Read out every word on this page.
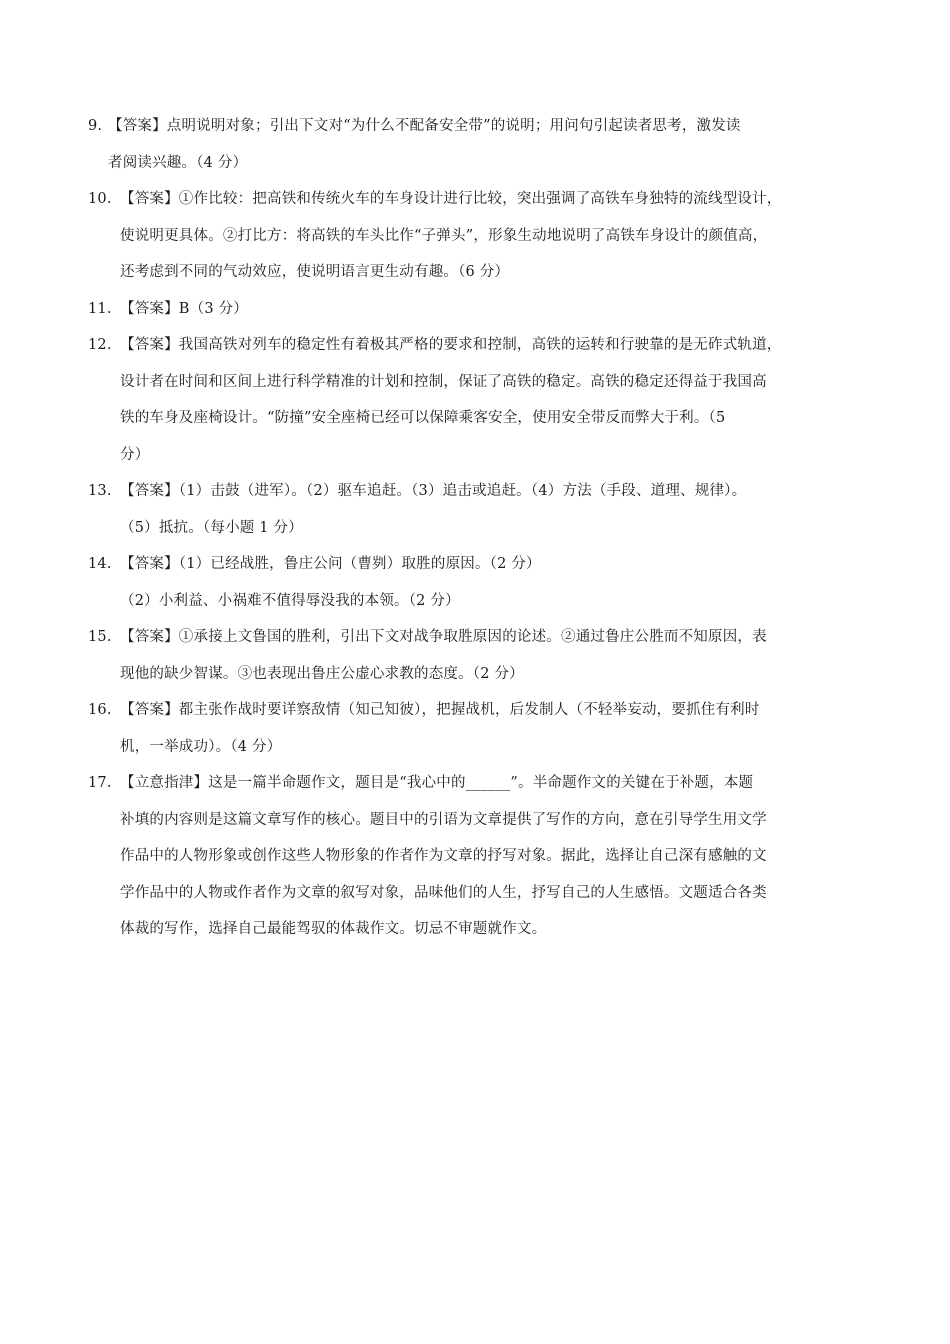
9. 【答案】点明说明对象；引出下文对“为什么不配备安全带”的说明；用问句引起读者思考，激发读
者阅读兴趣。（4 分）
10. 【答案】①作比较：把高铁和传统火车的车身设计进行比较，突出强调了高铁车身独特的流线型设计，
使说明更具体。②打比方：将高铁的车头比作“子弹头”，形象生动地说明了高铁车身设计的颜值高，
还考虑到不同的气动效应，使说明语言更生动有趣。（6 分）
11. 【答案】B（3 分）
12. 【答案】我国高铁对列车的稳定性有着极其严格的要求和控制，高铁的运转和行驶靠的是无砟式轨道，
设计者在时间和区间上进行科学精准的计划和控制，保证了高铁的稳定。高铁的稳定还得益于我国高
铁的车身及座椅设计。“防撞”安全座椅已经可以保障乘客安全，使用安全带反而弊大于利。（5
分）
13. 【答案】（1）击鼓（进军）。（2）驱车追赶。（3）追击或追赶。（4）方法（手段、道理、规律）。
（5）抵抗。（每小题 1 分）
14. 【答案】（1）已经战胜，鲁庄公问（曹刿）取胜的原因。（2 分）
（2）小利益、小祸难不值得辱没我的本领。（2 分）
15. 【答案】①承接上文鲁国的胜利，引出下文对战争取胜原因的论述。②通过鲁庄公胜而不知原因，表
现他的缺少智谋。③也表现出鲁庄公虚心求教的态度。（2 分）
16. 【答案】都主张作战时要详察敌情（知己知彼），把握战机，后发制人（不轻举妄动，要抓住有利时
机，一举成功）。（4 分）
17. 【立意指津】这是一篇半命题作文，题目是“我心中的______”。半命题作文的关键在于补题，本题
补填的内容则是这篇文章写作的核心。题目中的引语为文章提供了写作的方向，意在引导学生用文学
作品中的人物形象或创作这些人物形象的作者作为文章的抒写对象。据此，选择让自己深有感触的文
学作品中的人物或作者作为文章的叙写对象，品味他们的人生，抒写自己的人生感悟。文题适合各类
体裁的写作，选择自己最能驾驭的体裁作文。切忌不审题就作文。
